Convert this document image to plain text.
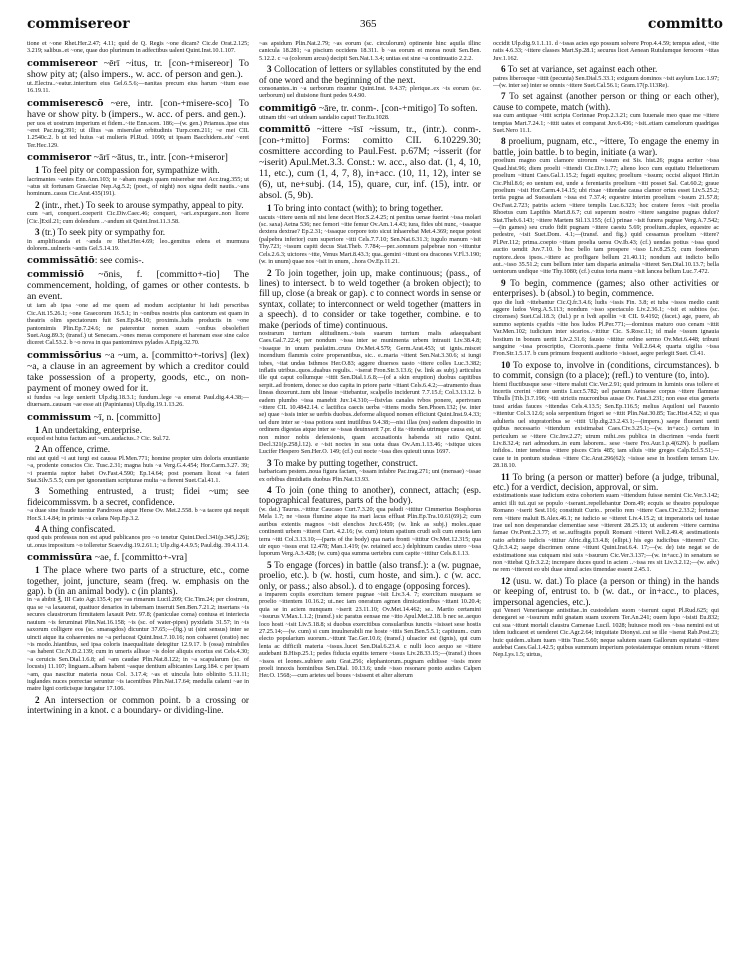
commisereor	365	committo
tione et ~one Rhet.Her.2.47; 4.11; quid de Q. Regis ~one dicam? Cic.de Orat.2.125; 3.219; salibus..et ~one, quae duo plurimum in adfectibus ualent Quint.Inst.10.1.107.
commisereor ~ērī ~itus, tr. [con-+misereor] To show pity at; (also impers., w. acc. of person and gen.).
ut..Electra..~eatur..interitum eius Gel.6.5.6;—nanitas precum eius harum ~itum esse 16.19.11.
commiserescō ~ere, intr. [con-+misere-sco] To have or show pity. b (impers., w. acc. of pers. and gen.).
per uos et uostrum imperium et fidem..~ite Enn.scen. 186;—(w. gen.) Priamus..ipse eius ~eret Pac.trag.391; ut illius ~as miserulae orbitudinis Turp.com.211; ~e mei CIL 1.2540c.2. b ut ted huius ~at mulieris Pl.Rud. 1090; ut ipsam Bacchidem..eiu' ~eret Ter.Hec.129.
commiseror ~ārī ~ātus, tr., intr. [con-+miseror]
1 To feel pity or compassion for, sympathize with.
lacrimantes ~antes Enn.Ann.103; te ~abam magis quam miserebar mei Acc.trag.355; ut ~atus sit fortunam Graeciae Nep.Ag.5.2; (poet., of night) nox signa dedit nautis..~ans hominum..casus Cic.Arat.435(191).
2 (intr., rhet.) To seek to arouse sympathy, appeal to pity.
cum ~ari, conqueri..coeperit Cic.Div.Caec.46; conqueri, ~ari..expurgare..non licere [Cic.]Exil.21; cum dolendum ..~andum sit Quint.Inst.11.3.58.
3 (tr.) To seek pity or sympathy for.
in amplificanda et ~anda re Rhet.Her.4.69; leo..gemitus edens et murmura dolorem..uulneris ~antis Gel.5.14.19.
commissātiō: see comis-.
commissiō ~ōnis, f. [committo+-tio] The commencement, holding, of games or other contests. b an event.
ut iam ab ipsa ~one ad me quem ad modum accipiantur hi ludi perscribas Cic.Att.15.26.1; ~one Graecorum 16.5.1; in ~onibus nostris plus cantorum est quam in theatris olim spectatorum fuit Sen.Ep.84.10; proximis..ludis productis in ~one pantomimis Plin.Ep.7.24.6; ne paterentur nomen suum ~onibus obsolefieri Suet.Aug.89.3; (transf.) ut Senecam..~ones meras componere et harenam esse sine calce diceret Cal.53.2. b ~o nova in qua pantomimvs pylades A.Epig.32.70.
commissōrius ~a ~um, a. [committo+-torivs] (lex) ~a, a clause in an agreement by which a creditor could take possession of a property, goods, etc., on non-payment of money owed for it.
si fundus ~a lege uenierit Ulp.dig.18.3.1; fundum..lege ~a emerat Paul.dig.4.4.38;—diuersam..causam ~ae esse ait (Papinianus) Ulp.dig.19.1.13.26.
commissum ~ī, n. [committo]
1 An undertaking, enterprise.
ecquod est huius factum aut ~um..audacius..? Cic. Sul.72.
2 An offence, crime.
nisi aut quid ~i aut iurgi est caussa Pl.Men.771; homine propter uim doloris enuntiante ~a, prodente conscios Cic. Tusc.2.31; magna huis ~a Verg.G.4.454; Hor.Carm.3.27. 39; ~i praemia raptor habet Ov.Fast.4.590; Ep.14.64; post poenam liceat ~a fateri Stat.Silv.5.5.5; cum per ignorantiam scripturae multa ~a fierent Suet.Cal.41.1.
3 Something entrusted, a trust; fidei ~um; see fideicommissvm. b a secret, confidence.
~a duae sine fraude tuentur Pandrosos atque Herse Ov. Met.2.558. b ~a tacere qui nequit Hor.S.1.4.84; in primis ~a celans Nep.Ep.3.2.
4 A thing confiscated.
quod quis professus non est apud publicanos pro ~o tenetur Quint.Decl.341(p.345,l.26); ut..onus impositum ~o tolleretur Scaev.dig.19.2.61.1; Ulp.dig.4.4.9.5; Paul.dig. 39.4.11.4.
commissūra ~ae, f. [committo+-vra]
1 The place where two parts of a structure, etc., come together, joint, juncture, seam (freq. w. emphasis on the gap). b (in an animal body). c (in plants).
in ~a abibit ℥, III Cato Agr.135.4; per ~as rimarum Lucil.209; Cic.Tim.24; per clostrum, qua se ~a laxauerat, quattuor denarios in tabernam inseruit Sen.Ben.7.21.2; insertans ~is secures claustrorum firmitatem laxauit Petr. 97.8; (paniculae coma) contusa et interiecta nauium ~is feruminat Plin.Nat.16.158; ~is (sc. of water-pipes) pyxidatis 31.57; in ~is saxorum colligere eos (sc. smaragdos) dicuntur 37.65;—(fig.) ut (sint sensus) inter se uincti atque ita cohaerentes ne ~a perluceat Quint.Inst.7.10.16; non cohaeret (oratio) nec ~is modo..hiantibus, sed ipsa coloris inaequalitate detegitur 12.9.17. b (ossa) mirabiles ~as habent Cic.N.D.2.139; cum in umeris allisue ~is dolor aliquis exortus est Cels.4.30; ~a ceruicis Sen.Dial.1.6.8; ad ~am caudae Plin.Nat.8.122; in ~a scapularum (sc. of locusts) 11.107; linguam..albam habent ~asque dentium albicantes Larg.184. c per ipsam ~am, qua nascitur materia noua Col. 3.17.4; ~as et uincula luto oblinito 5.11.11; iuglandes nuces porrectae seruntur ~is iacentibus Plin.Nat.17.64; medulla calami ~ae in matre ligni corticisque iungatur 17.106.
2 An intersection or common point. b a crossing or intertwining in a knot. c a boundary- or dividing-line.
~as apsidum Plin.Nat.2.79; ~as eorum (sc. circulorum) optinente hinc aquila illinc canicula 18.281; ~a piscium occidens 18.311. b ~as eorum et moras nouit Sen.Ben. 5.12.2. c ~a (colorum arcus) decipit Sen.Nat.1.3.4; unitas est sine ~a continuatio 2.2.2.
3 Collocation of letters or syllables constituted by the end of one word and the beginning of the next.
consonantes..in ~a uerborum rixantur Quint.Inst. 9.4.37; plerique..ex ~is eorum (sc. uerborum) uel diuisione fiunt pedes 9.4.90.
commitigō ~āre, tr. conm-. [con-+mitigo] To soften.
utinam tibi ~ari uideam sandalio caput! Ter.Eu.1028.
committō ~ittere ~īsī ~issum, tr., (intr.). conm-. [con-+mitto] Forms: comitto CIL 6.10229.30; cosmittere according to Paul.Fest. p.67M; ~isserit (for ~iserit) Apul.Met.3.3. Const.: w. acc., also dat. (1, 4, 10, 11, etc.), cum (1, 4, 7, 8), in+acc. (10, 11, 12), inter se (6), ut, ne+subj. (14, 15), quare, cur, inf. (15), intr. or absol. (5, 9b).
1 To bring into contact (with); to bring together.
uacuis ~ittere uenis nil nisi lene decet Hor.S.2.4.25; ni penitus uenae fuerint ~issa molari (sc. saxa) Aetna 536; nec femori ~itte femur Ov.Am.1.4.43; iura, fides ubi nunc, ~issaque dextera dextrae? Ep.2.31; ~issaque corpore toto sicut inhaerebat Met.4.369; neque potest (palpebra inferior) cum superiore ~itti Cels.7.7.10; Sen.Nat.6.31.3; iugulo manum ~isit Thy.723; ~issum capiti decus Stat.Theb. 7.784;—per..somnum palpebrae non ~ittuntur Cels.2.6.3; uictores ~itte, Venus Mart.8.43.3; qua..gemini ~ittunt ora dracones V.Fl.3.190; (w. in unum) quae nos ~isit in unum, ..hora Ov.Ep.11.21.
2 To join together, join up, make continuous; (pass., of lines) to intersect. b to weld together (a broken object); to fill up, close (a break or gap). c to connect words in sense or syntax, collate; to interconnect or weld together (matters in a speech). d to consider or take together, combine. e to make (periods of time) continuous.
nostrarum turrium altitudinem..~issis suarum turrium malis adaequabant Caes.Gal.7.22.4; per nondum ~issa inter se munimenta urbem intrauit Liv.38.4.8; ~issaque in unum paulatim..crura Ov.Met.4.579; Germ.Arat.453; ut ignis..miscet incendium flammis coire properantibus, sic.. e..maria ~ittent Sen.Nat.3.30.6; si iungi iubes, ~itat undas Isthmos Her.O.83; aggere diuersos uasto ~ittere colles Luc.3.382; inflatis utribus..quos..duabus regulis.. ~iserat Fron.Str.3.13.6; (w. link as subj.) articulus ille qui caput collumque ~ittit Sen.Dial.1.6.8;—(of a skin eruption) duobus capitibus serpit..ad frontem, donec se duo capita in priore parte ~ittant Cels.6.4.2;—atramento duas lineas duxerunt..tum ubi lineae ~ittebantur, scalpello inciderunt 7.7.15.f; Col.3.13.12. b eadem plumbo ~issa manebit Juv.14.310;—fistvlas canales tvbos ponere, apertvram ~ittere CIL 10.4842.14. c lactifica caecis uerba ~ittens modis Sen.Phoen.132; (w. inter se) quae ~issis inter se uerbis duobus..deforme aliquod nomen efficiunt Quint.Inst.9.4.33; uel dure inter se ~issa potiora sunt inutilibus 9.4.38;—nisi illas (res) eadem dispositio in ordinem digestas atque inter se ~issas deuinxerit 7.pr. d ita ~ittenda utrimque causa est, ut non minor nobis defensionis, quam accusationis habenda sit ratio Quint. Decl.321(p.258,l.12). e ~isit noctes in sua uota duas Ov.Am.1.13.46; ~isitque uices Lucifer Hespero Sen.Her.O. 149; (cf.) cui nocte ~issa dies quieuit unus 1697.
3 To make by putting together, construct.
barbaricam pestem..noua figura factam, ~issam infabre Pac.trag.271; uni (mensae) ~issae ex orbibus dimidiatis duobus Plin.Nat.13.93.
4 To join (one thing to another), connect, attach; (esp. topographical features, parts of the body).
(w. dat.) Taurus..~ittitur Caucaso Curt.7.3.20; qua paludi ~ittitur Cimmerius Bosphorus Mela 1.7; ne ~issus flumine atque ita mari lacus effluat Plin.Ep.Tra.10.61(69).2; cum auribus extentis magnos ~isit elenchos Juv.6.459; (w. link as subj.) moles..quae continenti urbem ~itteret Curt. 4.2.16; (w. cum) totum spatium crudi soli cum emota iam terra ~itti Col.3.13.10;—(parts of the body) qua naris fronti ~ittitur Ov.Met.12.315; qua uir equo ~issus erat 12.478; Man.1.419; (w. retained acc.) delphinum caudas utero ~issa luporum Verg.A.3.428; (w. cum) qua summa uertebra cum capite ~ittitur Cels.8.1.13.
5 To engage (forces) in battle (also transf.): a (w. pugnae, proelio, etc.). b (w. hosti, cum hoste, and sim.). c (w. acc. only, or pass.; also absol.). d to engage (opposing forces).
a imparem copiis exercitum temere pugnae ~isit Liv.3.4. 7; exercitum nusquam se proelio ~ittentem 10.16.2; ut..nec iam oneratum agmen dimicationibus ~ittant 10.20.4; quia se in aciem nunquam ~iserit 23.11.10; Ov.Met.14.462; se.. Martio certamini ~issurus V.Max.1.1.2; (transf.) sic paratus eensae me ~itto Apul.Met.2.18. b nec se..aequo loco hosti ~isit Liv.5.18.8; si duobus exercitibus consularibus iunctis ~isisset sese hostis 27.25.14;—(w. cum) si cum inuulnerabili me hoste ~ittis Sen.Ben.5.5.1; captiuum.. cum electo popularium suorum..~ittunt Tac.Ger.10.6; (transf.) uluacior est (ignis), qui cum lenta ac difficili materia ~issus..lucet Sen.Dial.6.23.4. c nulli loco aequo se ~ittere audebant B.Hisp.25.1; pedes fiducia equitis temere ~issus Liv.28.33.15;—(transf.) thoes ~issos et leones..subiere astu Grat.256; elephantorum..pugnam edidisse ~issis more proeli innoxis hominibus Sen.Dial. 10.13.6; unde ~isso resonare ponto audies Calpen Her.O. 1568;—cum arietes uel boues ~isissent et alter alterum
occidit Ulp.dig.9.1.1.11. d ~issas acies ego possum solvere Prop.4.4.59; tempus adest, ~itte ratis 4.6.33; ~ittere classes Mart.Sp.28.1; securus licet Aenean Rutulumque ferocem ~ittas Juv.1.162.
6 To set at variance, set against each other.
patres liberosque ~ittit (pecunia) Sen.Dial.5.33.1; exiguum dominos ~isit asylum Luc.1.97;—(w. inter se) inter se omnis ~ittere Suet.Cal.56.1; Gram.17(p.113Re).
7 To set against (another person or thing or each other), cause to compete, match (with).
sua cum antiquae ~ittit scripta Corinnae Prop.2.3.21; cum Iuuenale meo quae me ~ittere temptas Mart.7.24.1; ~ittit uates et comparat Juv.6.436; ~isit..etiam camelorum quadrigas Suet.Nero 11.1.
8 proelium, pugnam, etc., ~ittere, To engage the enemy in battle, join battle. b to begin, initiate (a war).
proelium magno cum clamore uirorum ~issum est Sis. hist.26; pugna acriter ~issa Quad.hist.96; diem proelii ~ittendi Cic.Div.1.77; alieno loco cum equitatu Heluetiorum proelium ~ittunt Caes.Gal.1.15.2; fugati equites; proelium ~issum; occisi aliquot Hirt.in Cic.Phil.8.6; eo uentum est, unde a ferentariis proelium ~itti posset Sal. Cat.60.2; graue proelium ~isit Hor.Carm.4.14.15; ubi rixae ~ittendae causa clamor ortus esset Liv.5.25.2; tertia pugna ad Suessulam ~issa est 7.37.4; equestre interim proelium ~issum 21.57.8; Ov.Fast.2.723; patriis aciem ~ittere templis Luc.6.323; hoc cratere ferox ~isit proelia Rhoetus cum Lapithis Mart.8.6.7; cui superum nostro ~ittere sanguine pugnas dulce? Stat.Theb.6.143; ~ittere Martem Sil.13.155; (cf.) prinae ~isit funera pugnae Verg.A.7.542; —(in games) seu crudo fidit pugnam ~ittere caestu 5.69; proelium..duplex, equestre ac pedestre, ~isit Suet.Dom. 4.1;—(transf. and fig.) quid cessamus proelium ~ittere? Pl.Per.112; prima..coepto ~ittam proelia uersu Ov.Ib.43; (cf.) uendas potius ~issa quod auctio uendit Juv.7.10. b hoc bello tam prospere ~isso Liv.8.25.5; cum foederum ruptore..deos ipsos..~ittere ac profligare bellum 21.40.11; nondum aut indicto bello aut..~isso 35.51.2; cum bellum inter tam disparia animalia ~itteret Sen.Dial.10.13.7; bella uentorum undique ~itte Thy.1080; (cf.) cuius torta manu ~isit lancea bellum Luc.7.472.
9 To begin, commence (games; also other activities or enterprises). b (absol.) to begin, commence.
quo die ludi ~ittebantur Cic.Q.fr.3.4.6; ludis ~issis Fin. 3.8; et tuba ~issos medio canit aggere ludos Verg.A.5.113; nondum ~isso spectaculo Liv.2.36.1; ~isit et subitos (sc. circenses) Suet.Cal.18.3; (Iul.) pr n lvdi apollin ~it CIL 9.4192; (facet.) age, puere, ab summo septenis cyathis ~itte hos ludos Pl.Per.771;—dominus maturo ouo cenam ~ittit Var.Men.102; iudicium inter sicarios..~ittitur Cic. S.Rosc.11; id male ~issum ignauia hostium in bonum uertit Liv.2.31.6; fausto ~ittitur ordine sermo Ov.Met.6.448; tribuni sanguine ~issa proscriptio, Ciceronis..paene finita Vell.2.64.4; quarta uigilia ~issa Fron.Str.1.5.17. b cum primum frequenti auditorio ~isisset, aegre perlegit Suet. Cl.41.
10 To expose to, involve in (conditions, circumstances). b to commit, consign (to a place); (refl.) to venture (to, into).
hiemi fluctibusque sese ~ittere maluit Cic.Ver.2.91; quid primum in luminis oras tollere et incertis crerint ~ittere uentis Lucr.5.782; uel paruum Aetnaese corpus ~ittere flammae Tibulls [Tib.]3.7.196; ~itti strictis mucronibus ausae Ov. Fast.3.231; non esse eius generis tussi aridas fauces ~ittendas Cels.4.13.5; Sen.Ep.116.5; melius Aquiloni uel Fauonio ~ittentur Col.3.12.6; sola serpentium frigori se ~ittit Plin.Nat.30.85; Tac.Hist.4.52; si qua adulteris uel stupratoribus se ~ittit Ulp.dig.23.2.43.1;—(impers.) saepe fluerant uenti quibus necessario ~ittendum existimabat Caes.Civ.3.25.1;—(w. in+acc.) certum in periculum se ~ittere Cic.Inv.2.27; utrum mihi..res publica in discrimen ~enda fuerit Liv.8.32.4; rari admodum..in eum laborem.. sese ~isere Fro.Aur.1.p.4(62N). b puellam infidos.. inter tenebras ~ittere pisces Ciris 485; iam siluis ~itte greges Calp.Ecl.5.51;—caue te in pontum studeas ~ittere Cic.Arat.296(62); ~isisse sese in hostilem terram Liv. 28.18.10.
11 To bring (a person or matter) before (a judge, tribunal, etc.) for a verdict, decision, approval, or sim.
existimationis suae iudicium extra cohortem suam ~ittendum fuisse nemini Cic.Ver.3.142; amici illi tui..qui se populo ~iserant..repellebantur Dom.49; ecquis se theatro populoque Romano ~iserit Sest.116; constituit Curio.. proelio rem ~ittere Caes.Civ.2.33.2; fortunae rem ~ittere maluit B.Alex.46.1; ne iudicio se ~itteret Liv.4.15.2; ut imperatoris uel iustae irae uel non desperandae clementiae sese ~itterent 28.25.13; ut auderem ~ittere carmina famae Ov.Pont.2.3.77; et se..suffragiis populi Romani ~itteret Vell.2.49.4; aestimationis ratio arbitrio iudicis ~ittitur Afric.dig.13.4.8; (ellipt.) his ego iudicibus ~itterem? Cic. Q.fr.3.4.2; saepe discrimen omne ~ittunt Quint.Inst.6.4. 17;—(w. de) iste negat se de existimatione sua cuiquam nisi suis ~issurum Cic.Ver.3.137;—(w. in+acc.) in senatum se non ~ittebat Q.fr.3.2.2; increpare duces quod in aciem ..~issa res sit Liv.3.2.12;—(w. adv.) ne rem ~itterent eo ubi duae simul acies timendae essent 2.45.1.
12 (usu. w. dat.) To place (a person or thing) in the hands or keeping of, entrust to. b (w. dat., or in+acc., to places, impersonal agencies, etc.).
qui Veneri Veneriaeque antistitae..in custodelam suom ~iserunt caput Pl.Rud.625; qui denegaret se ~issurum mihi gnatam suam uxorem Ter.An.241; ouem lupo ~isisti Eu.832; cui sua ~ittunt mortali claustra Camenae Lucil. 1028; huiusce modi res ~issa nemini est ut idem iudicaret et uenderet Cic.Agr.2.64; iniquitate Dionysi..cui se ille ~iserat Rab.Post.23; huic quidem..ultam tuam ~ittis Tusc.5.60; neque salutem suam Gallorum equitatui ~ittere audebat Caes.Gal.1.42.5; quibus summum imperium potestatemque omnium rerum ~itteret Nep.Lys.1.5; uirtus,
